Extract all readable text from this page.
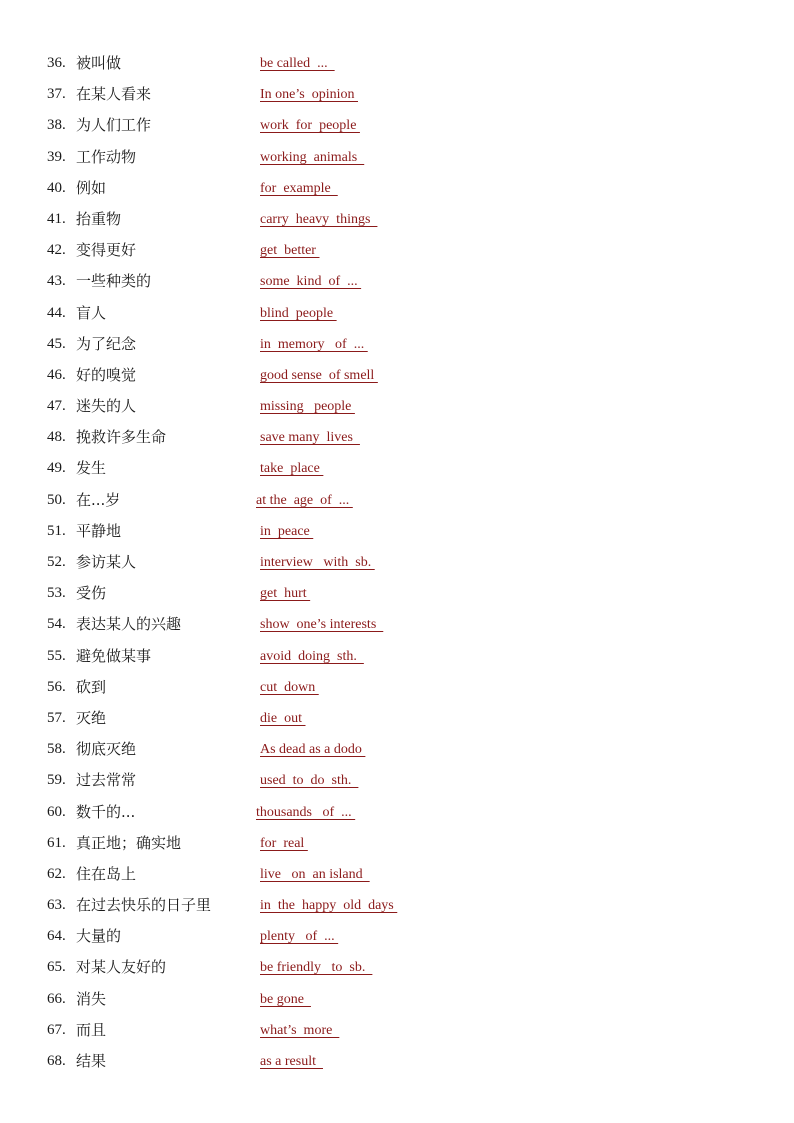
36. 被叫做	be called  ...
37. 在某人看来	In one’s  opinion
38. 为人们工作	work  for  people
39. 工作动物	working  animals
40. 例如	for  example
41. 抬重物	carry  heavy  things
42. 变得更好	get  better
43. 一些种类的	some  kind  of  ...
44. 盲人	blind  people
45. 为了纪念	in  memory   of  ...
46. 好的嗅觉	good sense  of smell
47. 迷失的人	missing   people
48. 挽救许多生命	save many  lives
49. 发生	take  place
50. 在...岁	at the  age  of  ...
51. 平静地	in  peace
52. 参访某人	interview   with  sb.
53. 受伤	get  hurt
54. 表达某人的兴趣	show  one’s interests
55. 避免做某事	avoid  doing  sth.
56. 砍到	cut  down
57. 灭绝	die  out
58. 彻底灭绝	As dead as a dodo
59. 过去常常	used  to  do  sth.
60. 数千的...	thousands   of  ...
61. 真正地；确实地	for  real
62. 住在岛上	live   on  an island
63. 在过去快乐的日子里	in  the  happy  old  days
64. 大量的	plenty   of  ...
65. 对某人友好的	be friendly   to  sb.
66. 消失	be gone
67. 而且	what’s  more
68. 结果	as a result
